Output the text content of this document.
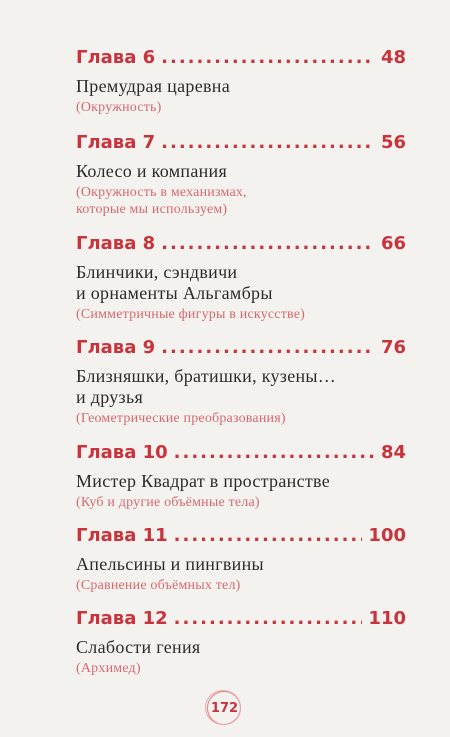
Глава 6 .....	48
Премудрая царевна
(Окружность)
Глава 7 .....	56
Колесо и компания
(Окружность в механизмах,
которые мы используем)
Глава 8 .....	66
Блинчики, сэндвичи
и орнаменты Альгамбры
(Симметричные фигуры в искусстве)
Глава 9 .....	76
Близняшки, братишки, кузены…
и друзья
(Геометрические преобразования)
Глава 10 .....	84
Мистер Квадрат в пространстве
(Куб и другие объёмные тела)
Глава 11 .....	100
Апельсины и пингвины
(Сравнение объёмных тел)
Глава 12 .....	110
Слабости гения
(Архимед)
172
